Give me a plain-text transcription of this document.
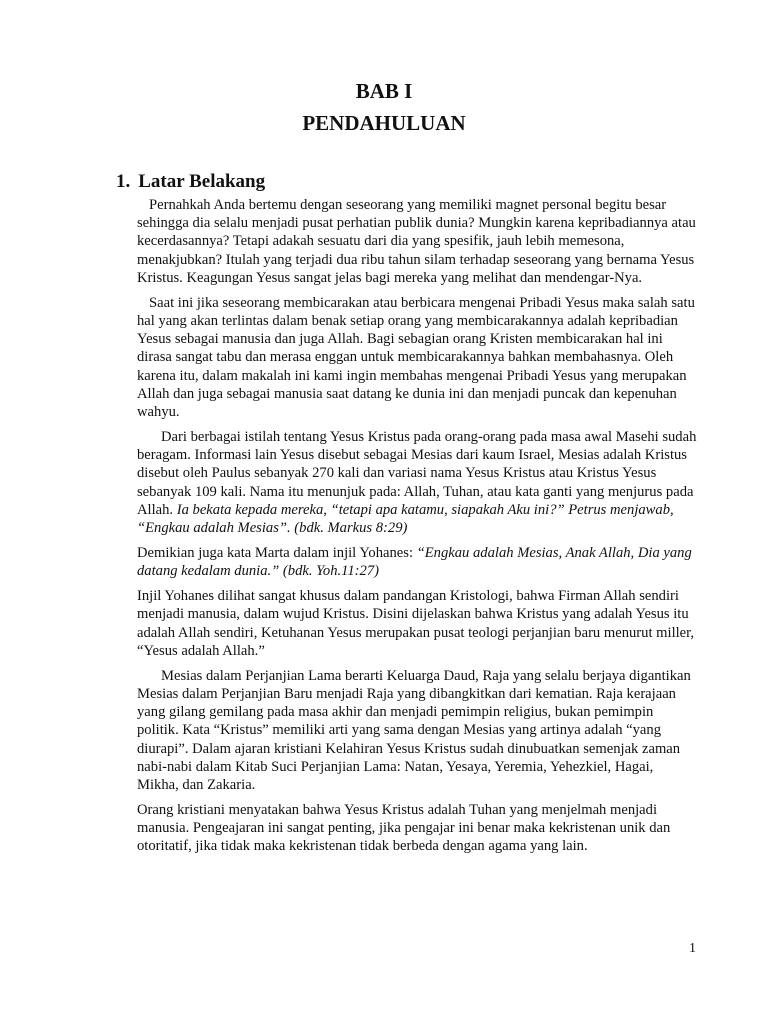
BAB I
PENDAHULUAN
1. Latar Belakang

Pernahkah Anda bertemu dengan seseorang yang memiliki magnet personal begitu besar sehingga dia selalu menjadi pusat perhatian publik dunia? Mungkin karena kepribadiannya atau kecerdasannya? Tetapi adakah sesuatu dari dia yang spesifik, jauh lebih memesona, menakjubkan? Itulah yang terjadi dua ribu tahun silam terhadap seseorang yang bernama Yesus Kristus. Keagungan Yesus sangat jelas bagi mereka yang melihat dan mendengar-Nya.

Saat ini jika seseorang membicarakan atau berbicara mengenai Pribadi Yesus maka salah satu hal yang akan terlintas dalam benak setiap orang yang membicarakannya adalah kepribadian Yesus sebagai manusia dan juga Allah. Bagi sebagian orang Kristen membicarakan hal ini dirasa sangat tabu dan merasa enggan untuk membicarakannya bahkan membahasnya. Oleh karena itu, dalam makalah ini kami ingin membahas mengenai Pribadi Yesus yang merupakan Allah dan juga sebagai manusia saat datang ke dunia ini dan menjadi puncak dan kepenuhan wahyu.

Dari berbagai istilah tentang Yesus Kristus pada orang-orang pada masa awal Masehi sudah beragam. Informasi lain Yesus disebut sebagai Mesias dari kaum Israel, Mesias adalah Kristus disebut oleh Paulus sebanyak 270 kali dan variasi nama Yesus Kristus atau Kristus Yesus sebanyak 109 kali. Nama itu menunjuk pada: Allah, Tuhan, atau kata ganti yang menjurus pada Allah. Ia bekata kepada mereka, “tetapi apa katamu, siapakah Aku ini?” Petrus menjawab, “Engkau adalah Mesias”. (bdk. Markus 8:29)

Demikian juga kata Marta dalam injil Yohanes: “Engkau adalah Mesias, Anak Allah, Dia yang datang kedalam dunia.” (bdk. Yoh.11:27)

Injil Yohanes dilihat sangat khusus dalam pandangan Kristologi, bahwa Firman Allah sendiri menjadi manusia, dalam wujud Kristus. Disini dijelaskan bahwa Kristus yang adalah Yesus itu adalah Allah sendiri, Ketuhanan Yesus merupakan pusat teologi perjanjian baru menurut miller, “Yesus adalah Allah.”

Mesias dalam Perjanjian Lama berarti Keluarga Daud, Raja yang selalu berjaya digantikan Mesias dalam Perjanjian Baru menjadi Raja yang dibangkitkan dari kematian. Raja kerajaan yang gilang gemilang pada masa akhir dan menjadi pemimpin religius, bukan pemimpin politik. Kata “Kristus” memiliki arti yang sama dengan Mesias yang artinya adalah “yang diurapi”. Dalam ajaran kristiani Kelahiran Yesus Kristus sudah dinubuatkan semenjak zaman nabi-nabi dalam Kitab Suci Perjanjian Lama: Natan, Yesaya, Yeremia, Yehezkiel, Hagai, Mikha, dan Zakaria.

Orang kristiani menyatakan bahwa Yesus Kristus adalah Tuhan yang menjelmah menjadi manusia. Pengeajaran ini sangat penting, jika pengajar ini benar maka kekristenan unik dan otoritatif, jika tidak maka kekristenan tidak berbeda dengan agama yang lain.

1
